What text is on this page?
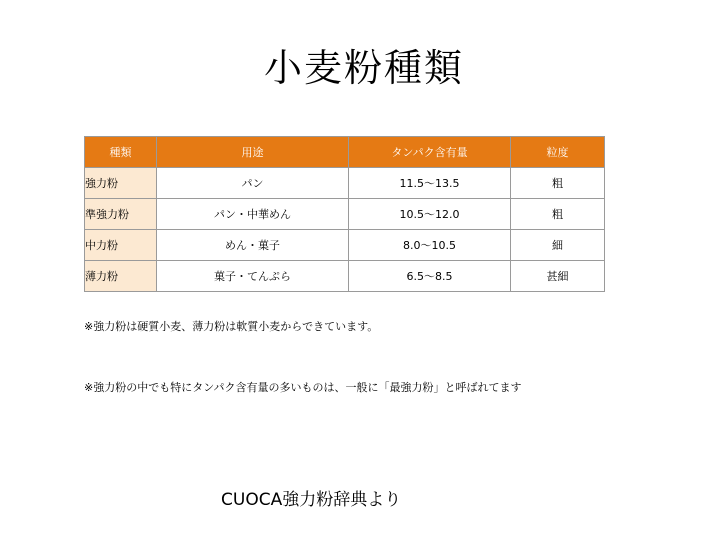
小麦粉種類
種類	用途	タンパク含有量	粒度
強力粉	パン	11.5〜13.5	粗
準強力粉	パン・中華めん	10.5〜12.0	粗
中力粉	めん・菓子	8.0〜10.5	細
薄力粉	菓子・てんぷら	6.5〜8.5	甚細
※強力粉は硬質小麦、薄力粉は軟質小麦からできています。
※強力粉の中でも特にタンパク含有量の多いものは、一般に「最強力粉」と呼ばれてます
CUOCA強力粉辞典より
